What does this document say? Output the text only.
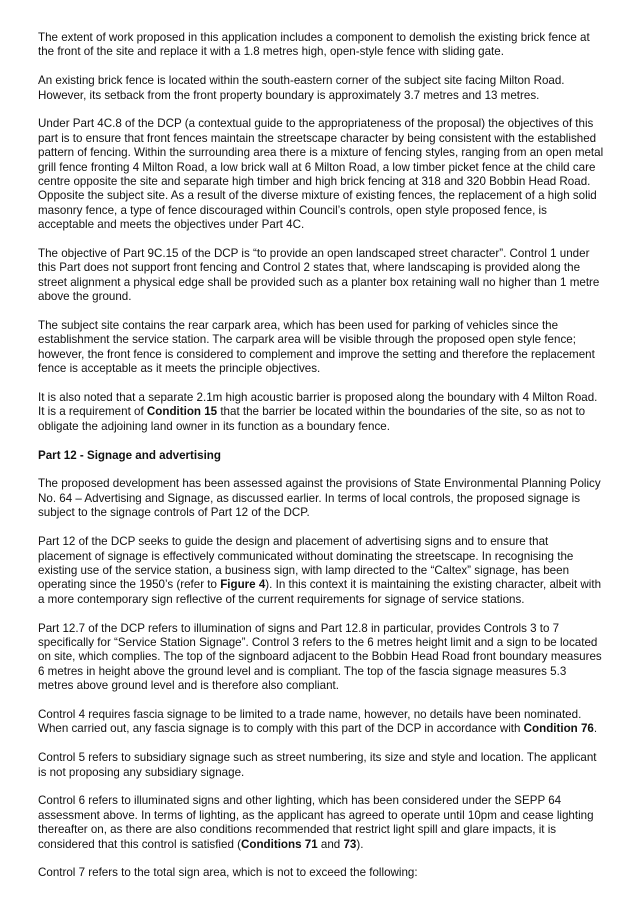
The extent of work proposed in this application includes a component to demolish the existing brick fence at the front of the site and replace it with a 1.8 metres high, open-style fence with sliding gate.

An existing brick fence is located within the south-eastern corner of the subject site facing Milton Road. However, its setback from the front property boundary is approximately 3.7 metres and 13 metres.

Under Part 4C.8 of the DCP (a contextual guide to the appropriateness of the proposal) the objectives of this part is to ensure that front fences maintain the streetscape character by being consistent with the established pattern of fencing. Within the surrounding area there is a mixture of fencing styles, ranging from an open metal grill fence fronting 4 Milton Road, a low brick wall at 6 Milton Road, a low timber picket fence at the child care centre opposite the site and separate high timber and high brick fencing at 318 and 320 Bobbin Head Road. Opposite the subject site. As a result of the diverse mixture of existing fences, the replacement of a high solid masonry fence, a type of fence discouraged within Council’s controls, open style proposed fence, is acceptable and meets the objectives under Part 4C.

The objective of Part 9C.15 of the DCP is “to provide an open landscaped street character”. Control 1 under this Part does not support front fencing and Control 2 states that, where landscaping is provided along the street alignment a physical edge shall be provided such as a planter box retaining wall no higher than 1 metre above the ground.

The subject site contains the rear carpark area, which has been used for parking of vehicles since the establishment the service station. The carpark area will be visible through the proposed open style fence; however, the front fence is considered to complement and improve the setting and therefore the replacement fence is acceptable as it meets the principle objectives.

It is also noted that a separate 2.1m high acoustic barrier is proposed along the boundary with 4 Milton Road. It is a requirement of Condition 15 that the barrier be located within the boundaries of the site, so as not to obligate the adjoining land owner in its function as a boundary fence.

Part 12 - Signage and advertising

The proposed development has been assessed against the provisions of State Environmental Planning Policy No. 64 – Advertising and Signage, as discussed earlier. In terms of local controls, the proposed signage is subject to the signage controls of Part 12 of the DCP.

Part 12 of the DCP seeks to guide the design and placement of advertising signs and to ensure that placement of signage is effectively communicated without dominating the streetscape. In recognising the existing use of the service station, a business sign, with lamp directed to the “Caltex” signage, has been operating since the 1950’s (refer to Figure 4). In this context it is maintaining the existing character, albeit with a more contemporary sign reflective of the current requirements for signage of service stations.

Part 12.7 of the DCP refers to illumination of signs and Part 12.8 in particular, provides Controls 3 to 7 specifically for “Service Station Signage”. Control 3 refers to the 6 metres height limit and a sign to be located on site, which complies. The top of the signboard adjacent to the Bobbin Head Road front boundary measures 6 metres in height above the ground level and is compliant. The top of the fascia signage measures 5.3 metres above ground level and is therefore also compliant.

Control 4 requires fascia signage to be limited to a trade name, however, no details have been nominated. When carried out, any fascia signage is to comply with this part of the DCP in accordance with Condition 76.

Control 5 refers to subsidiary signage such as street numbering, its size and style and location. The applicant is not proposing any subsidiary signage.

Control 6 refers to illuminated signs and other lighting, which has been considered under the SEPP 64 assessment above. In terms of lighting, as the applicant has agreed to operate until 10pm and cease lighting thereafter on, as there are also conditions recommended that restrict light spill and glare impacts, it is considered that this control is satisfied (Conditions 71 and 73).

Control 7 refers to the total sign area, which is not to exceed the following:
